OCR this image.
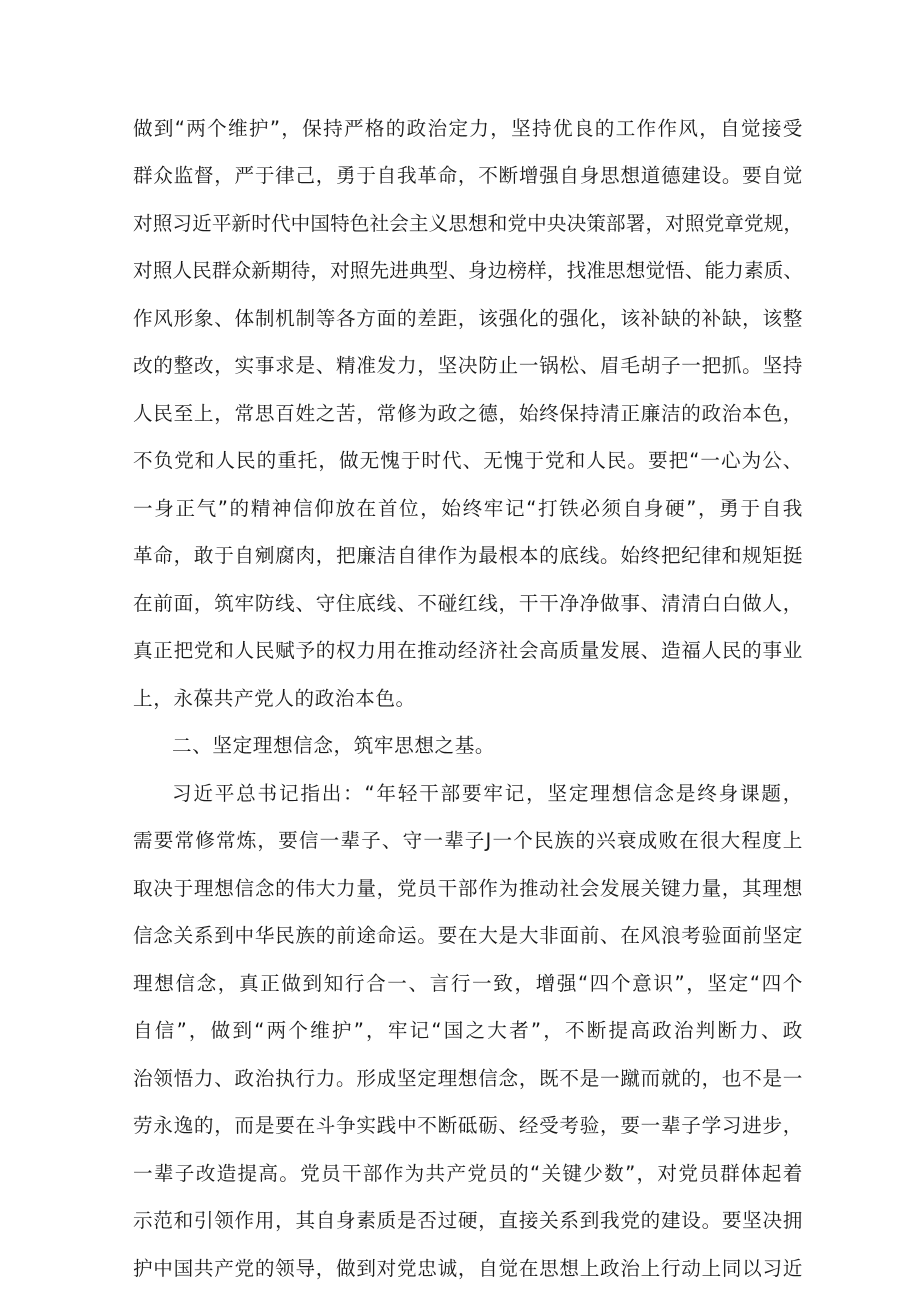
做到“两个维护”，保持严格的政治定力，坚持优良的工作作风，自觉接受
群众监督，严于律己，勇于自我革命，不断增强自身思想道德建设。要自觉
对照习近平新时代中国特色社会主义思想和党中央决策部署，对照党章党规，
对照人民群众新期待，对照先进典型、身边榜样，找准思想觉悟、能力素质、
作风形象、体制机制等各方面的差距，该强化的强化，该补缺的补缺，该整
改的整改，实事求是、精准发力，坚决防止一锅松、眉毛胡子一把抓。坚持
人民至上，常思百姓之苦，常修为政之德，始终保持清正廉洁的政治本色，
不负党和人民的重托，做无愧于时代、无愧于党和人民。要把“一心为公、
一身正气”的精神信仰放在首位，始终牢记“打铁必须自身硬”，勇于自我
革命，敢于自剜腐肉，把廉洁自律作为最根本的底线。始终把纪律和规矩挺
在前面，筑牢防线、守住底线、不碰红线，干干净净做事、清清白白做人，
真正把党和人民赋予的权力用在推动经济社会高质量发展、造福人民的事业
上，永葆共产党人的政治本色。
二、坚定理想信念，筑牢思想之基。
习近平总书记指出：“年轻干部要牢记，坚定理想信念是终身课题，
需要常修常炼，要信一辈子、守一辈子J一个民族的兴衰成败在很大程度上
取决于理想信念的伟大力量，党员干部作为推动社会发展关键力量，其理想
信念关系到中华民族的前途命运。要在大是大非面前、在风浪考验面前坚定
理想信念，真正做到知行合一、言行一致，增强“四个意识”，坚定“四个
自信”，做到“两个维护”，牢记“国之大者”，不断提高政治判断力、政
治领悟力、政治执行力。形成坚定理想信念，既不是一蹴而就的，也不是一
劳永逸的，而是要在斗争实践中不断砥砺、经受考验，要一辈子学习进步，
一辈子改造提高。党员干部作为共产党员的“关键少数”，对党员群体起着
示范和引领作用，其自身素质是否过硬，直接关系到我党的建设。要坚决拥
护中国共产党的领导，做到对党忠诚，自觉在思想上政治上行动上同以习近
